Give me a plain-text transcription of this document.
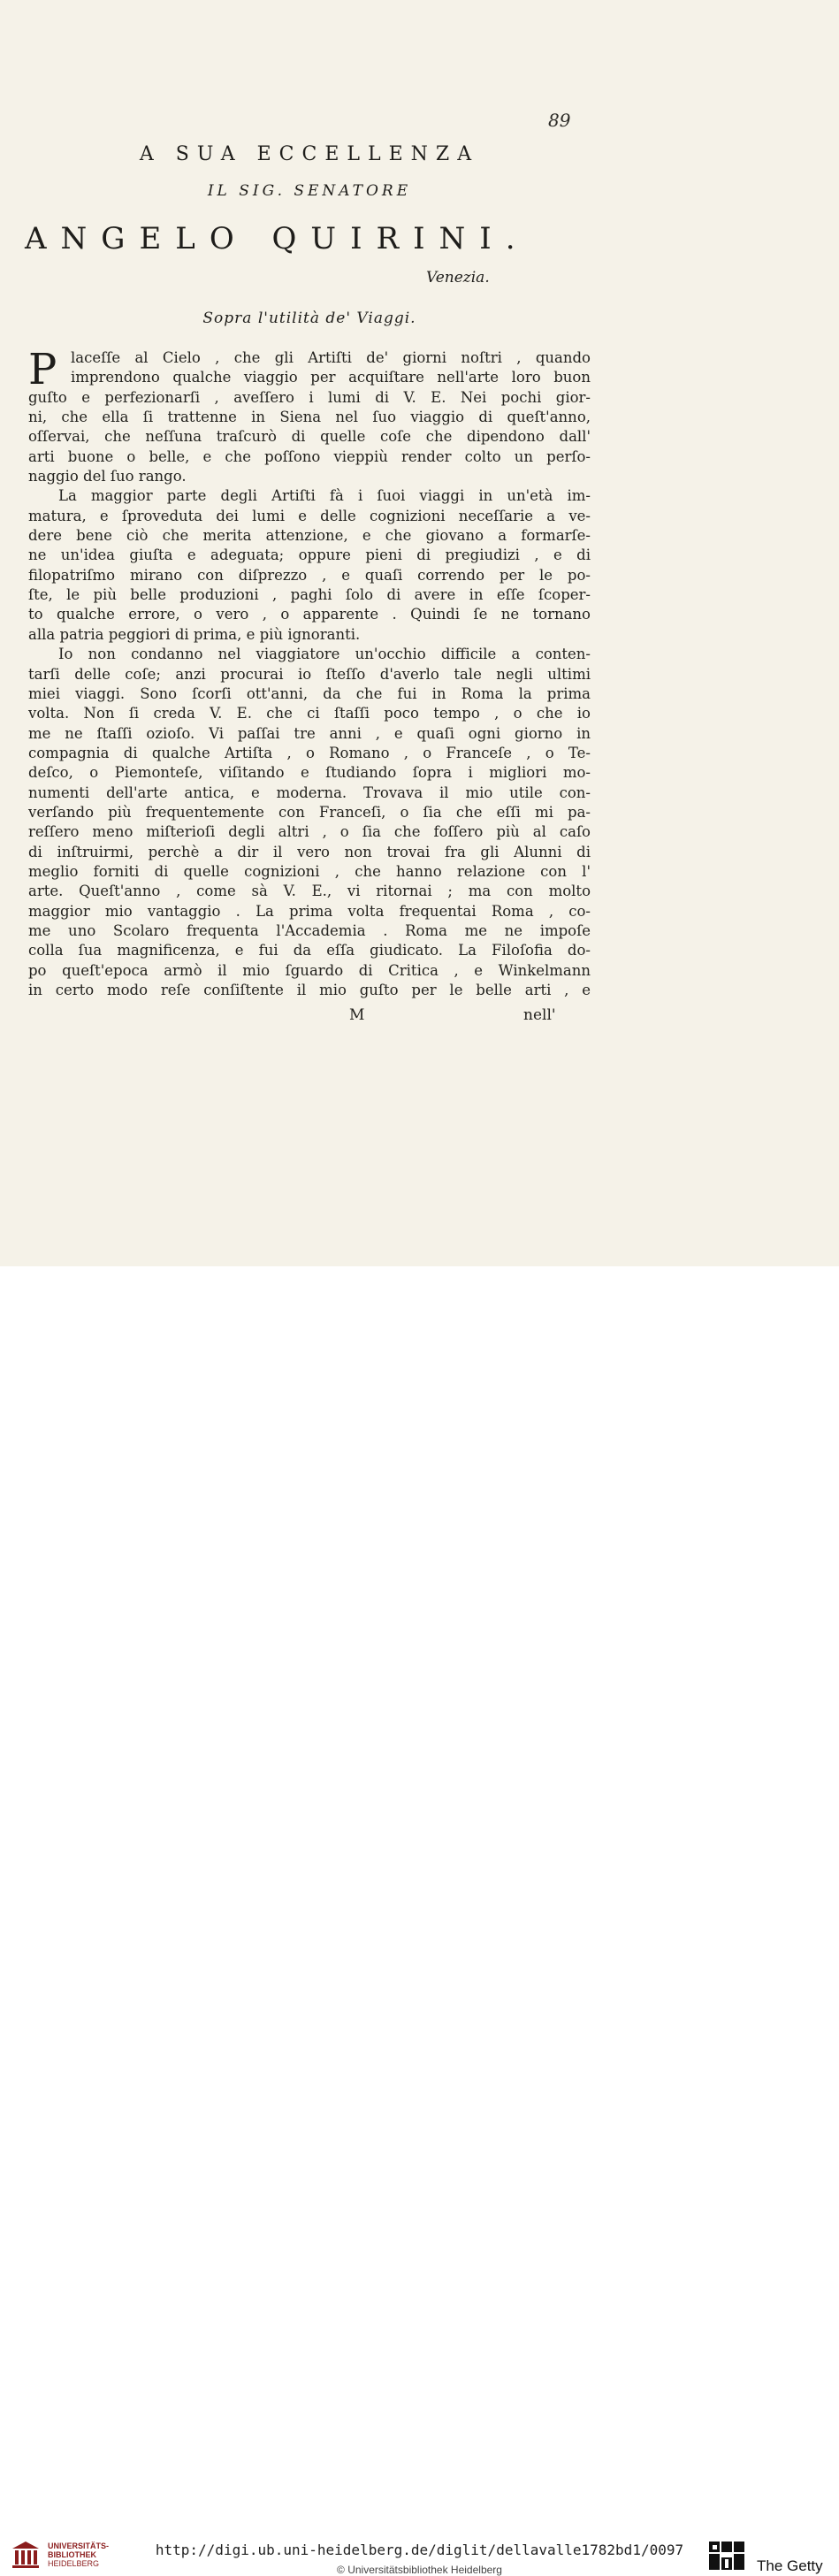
89
A SUA ECCELLENZA
IL SIG. SENATORE
ANGELO QUIRINI.
Venezia.
Sopra l'utilità de' Viaggi.
P laceſſe al Cielo , che gli Artiſti de' giorni noſtri , quando
imprendono qualche viaggio per acquiſtare nell'arte loro buon
guſto e perfezionarſi , aveſſero i lumi di V. E. Nei pochi gior-
ni, che ella ſi trattenne in Siena nel ſuo viaggio di queſt'anno,
oſſervai, che neſſuna traſcurò di quelle coſe che dipendono dall'
arti buone o belle, e che poſſono vieppiù render colto un perſo-
naggio del ſuo rango.
La maggior parte degli Artiſti fà i ſuoi viaggi in un'età im-
matura, e ſproveduta dei lumi e delle cognizioni neceſſarie a ve-
dere bene ciò che merita attenzione, e che giovano a formarſe-
ne un'idea giuſta e adeguata; oppure pieni di pregiudizi , e di
filopatriſmo mirano con diſprezzo , e quaſi correndo per le po-
ſte, le più belle produzioni , paghi ſolo di avere in eſſe ſcoper-
to qualche errore, o vero , o apparente . Quindi ſe ne tornano
alla patria peggiori di prima, e più ignoranti.
Io non condanno nel viaggiatore un'occhio difficile a conten-
tarſi delle coſe; anzi procurai io ſteſſo d'averlo tale negli ultimi
miei viaggi. Sono ſcorſi ott'anni, da che fui in Roma la prima
volta. Non ſi creda V. E. che ci ſtaſſi poco tempo , o che io
me ne ſtaſſi ozioſo. Vi paſſai tre anni , e quaſi ogni giorno in
compagnia di qualche Artiſta , o Romano , o Franceſe , o Te-
deſco, o Piemonteſe, viſitando e ſtudiando ſopra i migliori mo-
numenti dell'arte antica, e moderna. Trovava il mio utile con-
verſando più frequentemente con Franceſi, o ſia che eſſi mi pa-
reſſero meno miſterioſi degli altri , o ſia che foſſero più al caſo
di inſtruirmi, perchè a dir il vero non trovai fra gli Alunni di
meglio forniti di quelle cognizioni , che hanno relazione con l'
arte. Queſt'anno , come sà V. E., vi ritornai ; ma con molto
maggior mio vantaggio . La prima volta frequentai Roma , co-
me uno Scolaro frequenta l'Accademia . Roma me ne impoſe
colla ſua magnificenza, e fui da eſſa giudicato. La Filoſofia do-
po queſt'epoca armò il mio ſguardo di Critica , e Winkelmann
in certo modo reſe conſiſtente il mio guſto per le belle arti , e
M	nell'
UNIVERSITÄTS-
BIBLIOTHEK
HEIDELBERG
http://digi.ub.uni-heidelberg.de/diglit/dellavalle1782bd1/0097
© Universitätsbibliothek Heidelberg	The Getty
